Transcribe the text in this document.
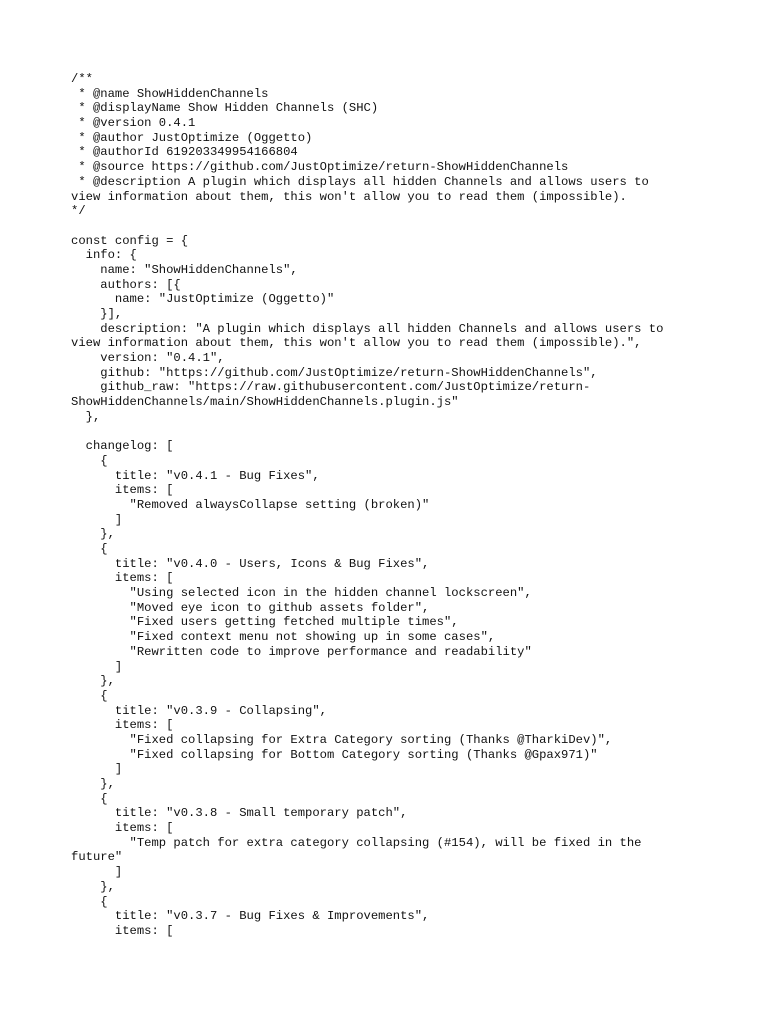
/**
* @name ShowHiddenChannels
* @displayName Show Hidden Channels (SHC)
* @version 0.4.1
* @author JustOptimize (Oggetto)
* @authorId 619203349954166804
* @source https://github.com/JustOptimize/return-ShowHiddenChannels
* @description A plugin which displays all hidden Channels and allows users to
view information about them, this won't allow you to read them (impossible).
*/
const config = {
info: {
name: "ShowHiddenChannels",
authors: [{
name: "JustOptimize (Oggetto)"
}],
description: "A plugin which displays all hidden Channels and allows users to
view information about them, this won't allow you to read them (impossible).",
version: "0.4.1",
github: "https://github.com/JustOptimize/return-ShowHiddenChannels",
github_raw: "https://raw.githubusercontent.com/JustOptimize/return-
ShowHiddenChannels/main/ShowHiddenChannels.plugin.js"
},
changelog: [
{
title: "v0.4.1 - Bug Fixes",
items: [
"Removed alwaysCollapse setting (broken)"
]
},
{
title: "v0.4.0 - Users, Icons & Bug Fixes",
items: [
"Using selected icon in the hidden channel lockscreen",
"Moved eye icon to github assets folder",
"Fixed users getting fetched multiple times",
"Fixed context menu not showing up in some cases",
"Rewritten code to improve performance and readability"
]
},
{
title: "v0.3.9 - Collapsing",
items: [
"Fixed collapsing for Extra Category sorting (Thanks @TharkiDev)",
"Fixed collapsing for Bottom Category sorting (Thanks @Gpax971)"
]
},
{
title: "v0.3.8 - Small temporary patch",
items: [
"Temp patch for extra category collapsing (#154), will be fixed in the
future"
]
},
{
title: "v0.3.7 - Bug Fixes & Improvements",
items: [
